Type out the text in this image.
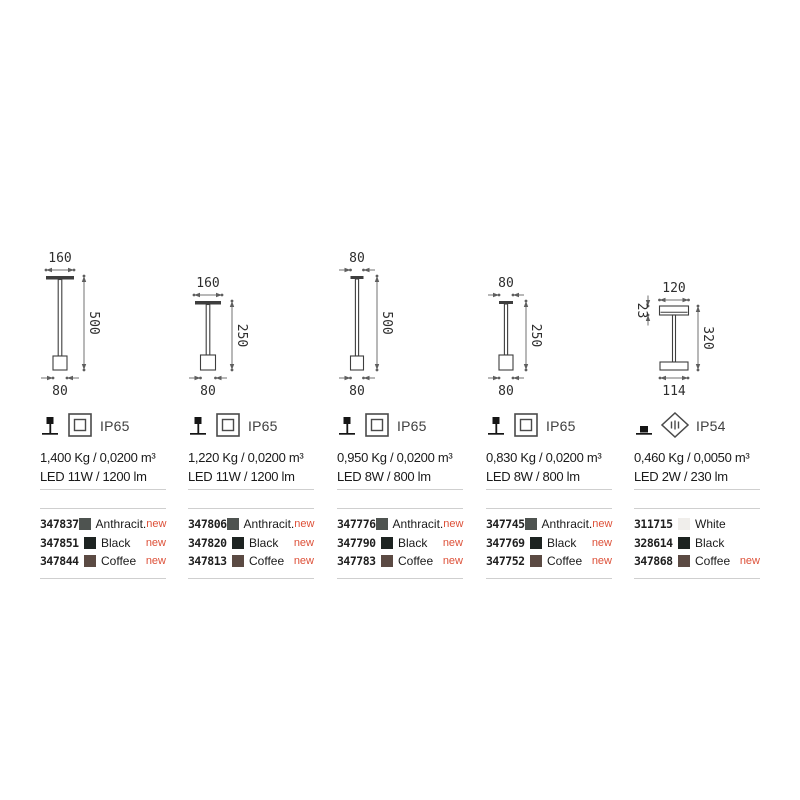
160
500
80
IP65
1,400 Kg / 0,0200 m³
LED 11W / 1200 lm
347837 Anthracit. new
347851	Black new
347844	Coffee new
160
250
80
IP65
1,220 Kg / 0,0200 m³
LED 11W / 1200 lm
347806 Anthracit. new
347820	Black new
347813	Coffee new
80
500
80
IP65
0,950 Kg / 0,0200 m³
LED 8W / 800 lm
347776 Anthracit. new
347790	Black new
347783	Coffee new
80
250
80
IP65
0,830 Kg / 0,0200 m³
LED 8W / 800 lm
347745 Anthracit. new
347769	Black new
347752	Coffee new
120
23
320
114
IP54
0,460 Kg / 0,0050 m³
LED 2W / 230 lm
311715	White
328614	Black
347868	Coffee new
